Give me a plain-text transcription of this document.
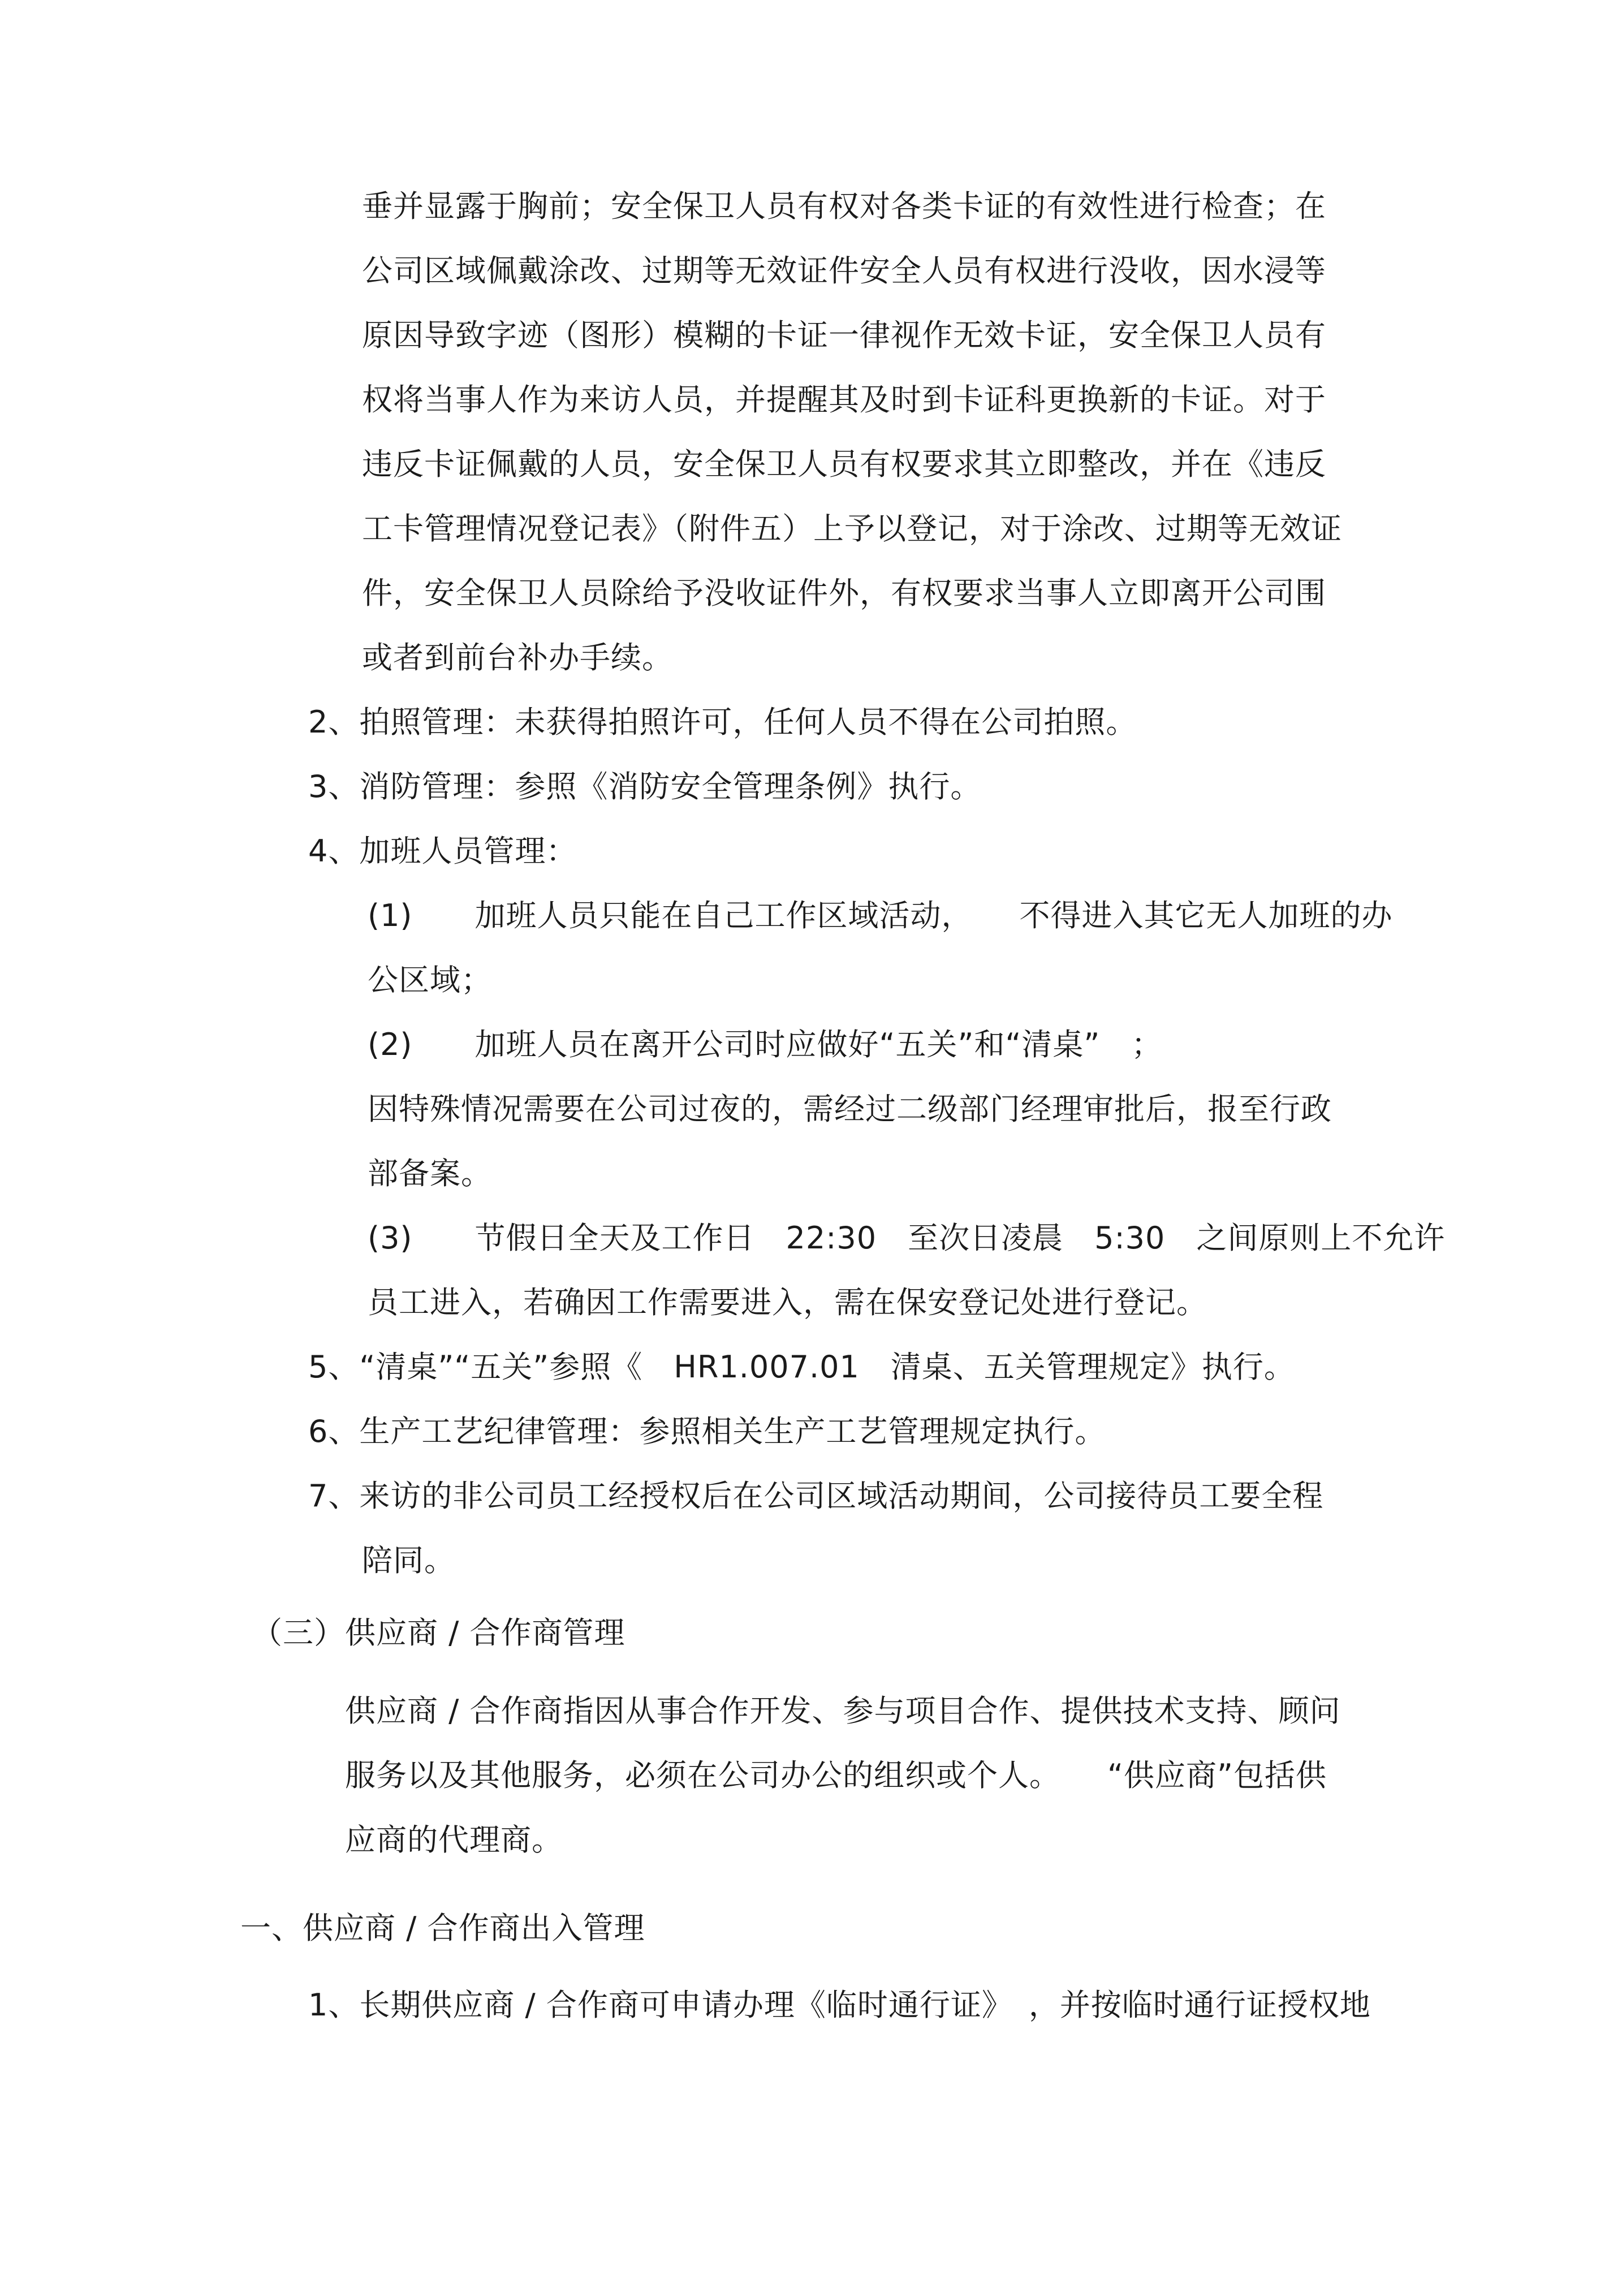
垂并显露于胸前；安全保卫人员有权对各类卡证的有效性进行检查；在
公司区域佩戴涂改、过期等无效证件安全人员有权进行没收，因水浸等
原因导致字迹（图形）模糊的卡证一律视作无效卡证，安全保卫人员有
权将当事人作为来访人员，并提醒其及时到卡证科更换新的卡证。对于
违反卡证佩戴的人员，安全保卫人员有权要求其立即整改，并在《违反
工卡管理情况登记表》（附件五）上予以登记，对于涂改、过期等无效证
件，安全保卫人员除给予没收证件外，有权要求当事人立即离开公司围
或者到前台补办手续。
2、拍照管理：未获得拍照许可，任何人员不得在公司拍照。
3、消防管理：参照《消防安全管理条例》执行。
4、加班人员管理：
(1)　　加班人员只能在自己工作区域活动，　　不得进入其它无人加班的办
公区域；
(2)　　加班人员在离开公司时应做好“五关”和“清桌”　；
因特殊情况需要在公司过夜的，需经过二级部门经理审批后，报至行政
部备案。
(3)　　节假日全天及工作日　22:30　至次日凌晨　5:30　之间原则上不允许
员工进入，若确因工作需要进入，需在保安登记处进行登记。
5、“清桌”“五关”参照《　HR1.007.01　清桌、五关管理规定》执行。
6、生产工艺纪律管理：参照相关生产工艺管理规定执行。
7、来访的非公司员工经授权后在公司区域活动期间，公司接待员工要全程
陪同。
（三）供应商 / 合作商管理
供应商 / 合作商指因从事合作开发、参与项目合作、提供技术支持、顾问
服务以及其他服务，必须在公司办公的组织或个人。　　“供应商”包括供
应商的代理商。
一、供应商 / 合作商出入管理
1、长期供应商 / 合作商可申请办理《临时通行证》　，并按临时通行证授权地
